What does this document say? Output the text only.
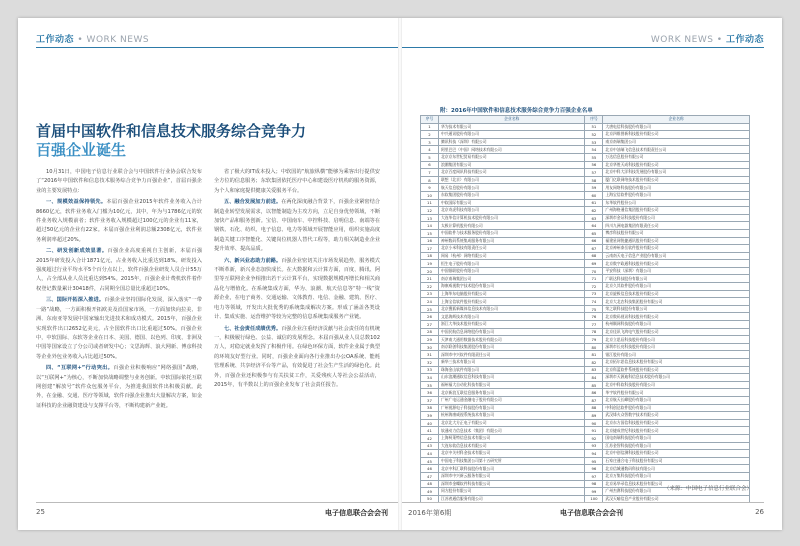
工作动态 • WORK NEWS
首届中国软件和信息技术服务综合竞争力
百强企业诞生

10月31日，中国电子信息行业联合会与中国软件行业协会联合发布了“2016年中国软件和信息技术服务综合竞争力百强企业”，首届百强企业的主要发展特点：

一、规模效益保持领先。本届百强企业2015年软件业务收入合计8660亿元，软件业务收入门槛为10亿元，其中，年为与1786亿元的软件业务收入规模前者；软件业务收入规模超过100亿元的企业有11家，超过50亿元的企业有22家。本届百强企业利润总额2308亿元，软件业务利润率超过20%。

二、研发创新成效显著。百强企业高度重视自主创新，本届百强2015年研发投入合计1871亿元，占业务收入比重达到18%。研发投入强度超过行业平均水平5个百分点以上，软件百强企业研发人员合计55万人，占全部从业人员比重达到54%。2015年，百强企业计费机软件着作权登记数量累计30418件，占同期全国总量比重超过10%。

三、国际开拓深入推进。百强企业坚持国际化发展，深入落实“一带一路”战略，一方面积极开拓欧美及沿国家市场，一方面加快向拉美、非洲、东南亚等发展中国家输出先进技术和成功模式。2015年，百强企业实现软件出口2652亿美元，占全国软件出口比重超过50%。百强企业中，中软国际、东软等企业在日本、美国、德国、以色列、印度、非洲及中国等国家设立了分公司或者研发中心；文思海辉、浪大网新、博彦科技等企业外包业务收入占比超过50%。

四、“互联网+”行动突出。百强企业积极响应“网络强国”战略，以“互联网+”为核心，不断加快战略调整与业务创新。中软国际依托互联网创建“解放号”软件众包服务平台，为推进我国软件出积极贡献。此外，在金融、交通、医疗等领域，软件百强企业推出大量解决方案，如金证科技的企业融资建设与支撑平台等，不断构建新产业链。

省了极大的IT成本投入；中软国的“航旅纵横”能够为乘客出行提供安全方位的信息服务；东软集团依托医疗中心和建设医疗机构的服务资源，为个人和家庭提供健康关爱服务平台。

五、融合发展加力前进。在两化深度融合背景下，百强企业紧密结合制造业转型发展需求，以智能制造为主攻方向，立足自身优势领域，不断加快产品和服务创新。宝信、中国南车、中控科技、启明信息、南端等在钢铁、石化、纺织、电子信息、电力等领域开展智能应用，组织实施高度制造关键工序智能化、关键岗位机器人替代工程等，助力相关制造业企业提升效率、提高品质。

六、新兴业态助力前路。百强企业密切关注市场发展趋势，服务模式不断革新，新兴业态加快成长。在大数据和云计算方面，百度、腾讯、阿里等互联网企业争相推出若干云计算平台，实现数据规模再增长和相关商品化与增值化。在系统集成方面，华为、浪潮、航天信息等“特一线”资源企业，在电子商务、交通运输、文体教育、电信、金融、建筑、医疗、电力等领域，开发出大批优秀的系统集成解决方案。形成了涵盖各类设计、集成实施、运营维护等较为完整的信息系统集成服务产业链。

七、社会责任成绩优秀。百强企业注重经济贡献与社会责任的有机统一，积极履行绿色、公益、诚信的发展理念。本届百强从业人员总数102万人，对稳定就业发挥了积极作用。在绿色环保方面，软件企业属于典型的环境友好型行业。同时，百强企业面向各行业推出办公OA系统、能耗管理系统、共享经济平台等产品，有效促进了社会生产生活的绿色化。此外，百强企业还积极参与有关扶贫工作，关爱残疾人等社会公益活动，2015年，有半数以上的百强企业发布了社会责任报告。

25	电子信息联合会会刊
WORK NEWS • 工作动态
附：2016年中国软件和信息技术服务综合竞争力百强企业名单
序号	企业名称	序号	企业名称
1	华为技术有限公司	51	大唐电信科技股份有限公司
2	中兴通讯股份有限公司	52	北京四维图新科技股份有限公司
3	腾讯科技（深圳）有限公司	53	南京南瑞集团公司
4	阿里巴巴（中国）网络技术有限公司	54	北京中油瑞飞信息技术有限责任公司
5	北京京东世纪贸易有限公司	55	万达信息股份有限公司
6	浪潮集团有限公司	56	北京华胜天成科技股份有限公司
7	北京百度网讯科技有限公司	57	北京中科大洋科技发展股份有限公司
8	联想（北京）有限公司	58	厦门亿联网络技术股份有限公司
9	航天信息股份有限公司	59	用友网络科技股份有限公司
10	东软集团股份有限公司	60	上海宝信软件股份有限公司
11	中软国际有限公司	61	东华软件股份公司
12	北京奇虎科技有限公司	62	广州海格通信集团股份有限公司
13	大连华信计算机技术股份有限公司	63	深圳市金证科技股份有限公司
14	太极计算机股份有限公司	64	四川九洲电器集团有限责任公司
15	中国软件与技术服务股份有限公司	65	博彦科技股份有限公司
16	神州数码系统集成服务有限公司	66	福建星网锐捷通讯股份有限公司
17	北京小米科技有限责任公司	67	北京神州泰岳软件股份有限公司
18	网易（杭州）网络有限公司	68	云南南天电子信息产业股份有限公司
19	恒生电子股份有限公司	69	北京数字政通科技股份有限公司
20	中国银联股份有限公司	70	平安科技（深圳）有限公司
21	南京南瑞集团公司	71	广联达科技股份有限公司
22	海康威视数字技术股份有限公司	72	北京久其软件股份有限公司
23	上海华东电脑股份有限公司	73	北京旋极信息技术股份有限公司
24	上海宝信软件股份有限公司	74	北京大北农科技集团股份有限公司
25	北京搜狐新媒体信息技术有限公司	75	荣之联科技股份有限公司
26	文思海辉技术有限公司	76	北京数码视讯科技股份有限公司
27	浙江大华技术股份有限公司	77	杭州顺网科技股份有限公司
28	中国民航信息网络股份有限公司	78	北京佳讯飞鸿电气股份有限公司
29	天津南大通用数据技术股份有限公司	79	北京立思辰科技股份有限公司
30	南京联创科技集团股份有限公司	80	深圳市长亮科技股份有限公司
31	深圳市中兴软件有限责任公司	81	银江股份有限公司
32	新华三技术有限公司	82	北京拓尔思信息技术股份有限公司
33	珠海金山软件有限公司	83	北京科蓝软件系统股份有限公司
34	山东浪潮通软信息科技有限公司	84	深圳市天源迪科信息技术股份有限公司
35	福州福大自动化科技有限公司	85	北京中科软科技股份有限公司
36	北京新浪互联信息服务有限公司	86	华宇软件股份有限公司
37	广州广电运通金融电子股份有限公司	87	北京航天长峰股份有限公司
38	广州视源电子科技股份有限公司	88	中科创达软件股份有限公司
39	杭州海康威视系统技术有限公司	89	武汉烽火众智数字技术有限公司
40	北京北大方正电子有限公司	90	北京东方国信科技股份有限公司
41	软通动力信息技术（集团）有限公司	91	北京捷成世纪科技股份有限公司
42	上海柯莱特信息技术有限公司	92	国电南瑞科技股份有限公司
43	大连东软信息技术有限公司	93	江苏金智科技股份有限公司
44	北京中关村科金技术有限公司	94	北京中创信测科技股份有限公司
45	中国电子科技集团公司第十五研究所	95	石家庄通合电子科技股份有限公司
46	北京中科汇联科技股份有限公司	96	北京信城通数码科技有限公司
47	深圳市中兴新云服务有限公司	97	北京万集科技股份有限公司
48	深圳市金蝶软件科技有限公司	98	北京易华录信息技术股份有限公司
49	同方股份有限公司	99	广州杰赛科技股份有限公司
50	江苏省通信服务有限公司	100	武汉天喻信息产业股份有限公司
（来源：中国电子信息行业联合会）
2016年第6期	电子信息联合会会刊	26
